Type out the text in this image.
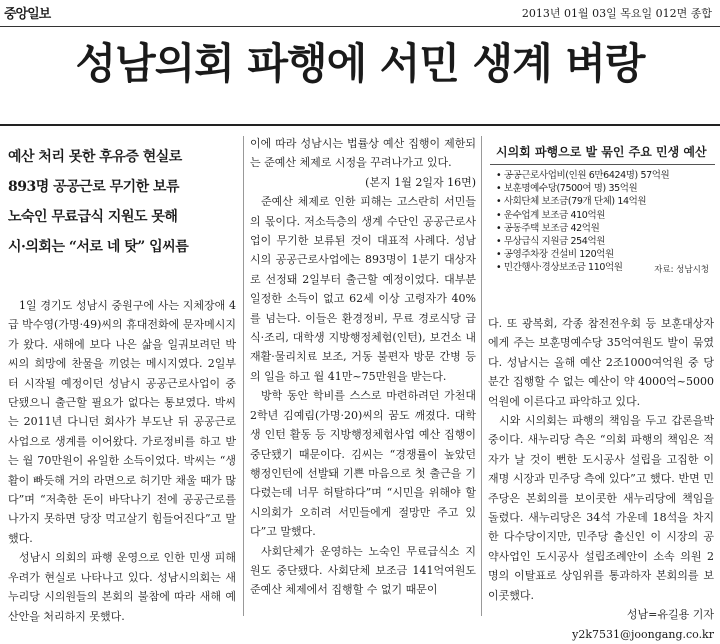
중앙일보	2013년 01월 03일 목요일 012면 종합
성남의회 파행에 서민 생계 벼랑
예산 처리 못한 후유증 현실로
893명 공공근로 무기한 보류
노숙인 무료급식 지원도 못해
시·의회는 “서로 네 탓” 입씨름

1일 경기도 성남시 중원구에 사는 지체장애 4급 박수영(가명·49)씨의 휴대전화에 문자메시지가 왔다. 새해에 보다 나은 삶을 일궈보려던 박씨의 희망에 찬물을 끼얹는 메시지였다. 2일부터 시작될 예정이던 성남시 공공근로사업이 중단됐으니 출근할 필요가 없다는 통보였다. 박씨는 2011년 다니던 회사가 부도난 뒤 공공근로사업으로 생계를 이어왔다. 가로정비를 하고 받는 월 70만원이 유일한 소득이었다. 박씨는 “생활이 빠듯해 거의 라면으로 허기만 채울 때가 많다”며 “저축한 돈이 바닥나기 전에 공공근로를 나가지 못하면 당장 먹고살기 힘들어진다”고 말했다.

성남시 의회의 파행 운영으로 인한 민생 피해 우려가 현실로 나타나고 있다. 성남시의회는 새누리당 시의원들의 본회의 불참에 따라 새해 예산안을 처리하지 못했다.

이에 따라 성남시는 법률상 예산 집행이 제한되는 준예산 체제로 시정을 꾸려나가고 있다.

(본지 1월 2일자 16면)

준예산 체제로 인한 피해는 고스란히 서민들의 몫이다. 저소득층의 생계 수단인 공공근로사업이 무기한 보류된 것이 대표적 사례다. 성남시의 공공근로사업에는 893명이 1분기 대상자로 선정돼 2일부터 출근할 예정이었다. 대부분 일정한 소득이 없고 62세 이상 고령자가 40%를 넘는다. 이들은 환경정비, 무료 경로식당 급식·조리, 대학생 지방행정체험(인턴), 보건소 내 재활·물리치료 보조, 거동 불편자 방문 간병 등의 일을 하고 월 41만~75만원을 받는다.

방학 동안 학비를 스스로 마련하려던 가천대 2학년 김예림(가명·20)씨의 꿈도 깨졌다. 대학생 인턴 활동 등 지방행정체험사업 예산 집행이 중단됐기 때문이다. 김씨는 “경쟁률이 높았던 행정인턴에 선발돼 기쁜 마음으로 첫 출근을 기다렸는데 너무 허탈하다”며 “시민을 위해야 할 시의회가 오히려 서민들에게 절망만 주고 있다”고 말했다.

사회단체가 운영하는 노숙인 무료급식소 지원도 중단됐다. 사회단체 보조금 141억여원도 준예산 체제에서 집행할 수 없기 때문이

시의회 파행으로 발 묶인 주요 민생 예산
• 공공근로사업비(인원 6만6424명) 57억원
• 보훈명예수당(7500여 명) 35억원
• 사회단체 보조금(79개 단체) 14억원
• 운수업계 보조금 410억원
• 공동주택 보조금 42억원
• 무상급식 지원금 254억원
• 공영주차장 건설비 120억원
• 민간행사·경상보조금 110억원	자료: 성남시청

다. 또 광복회, 각종 참전전우회 등 보훈대상자에게 주는 보훈명예수당 35억여원도 발이 묶였다. 성남시는 올해 예산 2조1000여억원 중 당분간 집행할 수 없는 예산이 약 4000억~5000억원에 이른다고 파악하고 있다.

시와 시의회는 파행의 책임을 두고 갑론을박 중이다. 새누리당 측은 “의회 파행의 책임은 적자가 날 것이 뻔한 도시공사 설립을 고집한 이재명 시장과 민주당 측에 있다”고 했다. 반면 민주당은 본회의를 보이콧한 새누리당에 책임을 돌렸다. 새누리당은 34석 가운데 18석을 차지한 다수당이지만, 민주당 출신인 이 시장의 공약사업인 도시공사 설립조례안이 소속 의원 2명의 이탈표로 상임위를 통과하자 본회의를 보이콧했다.

성남=유길용 기자 y2k7531@joongang.co.kr
